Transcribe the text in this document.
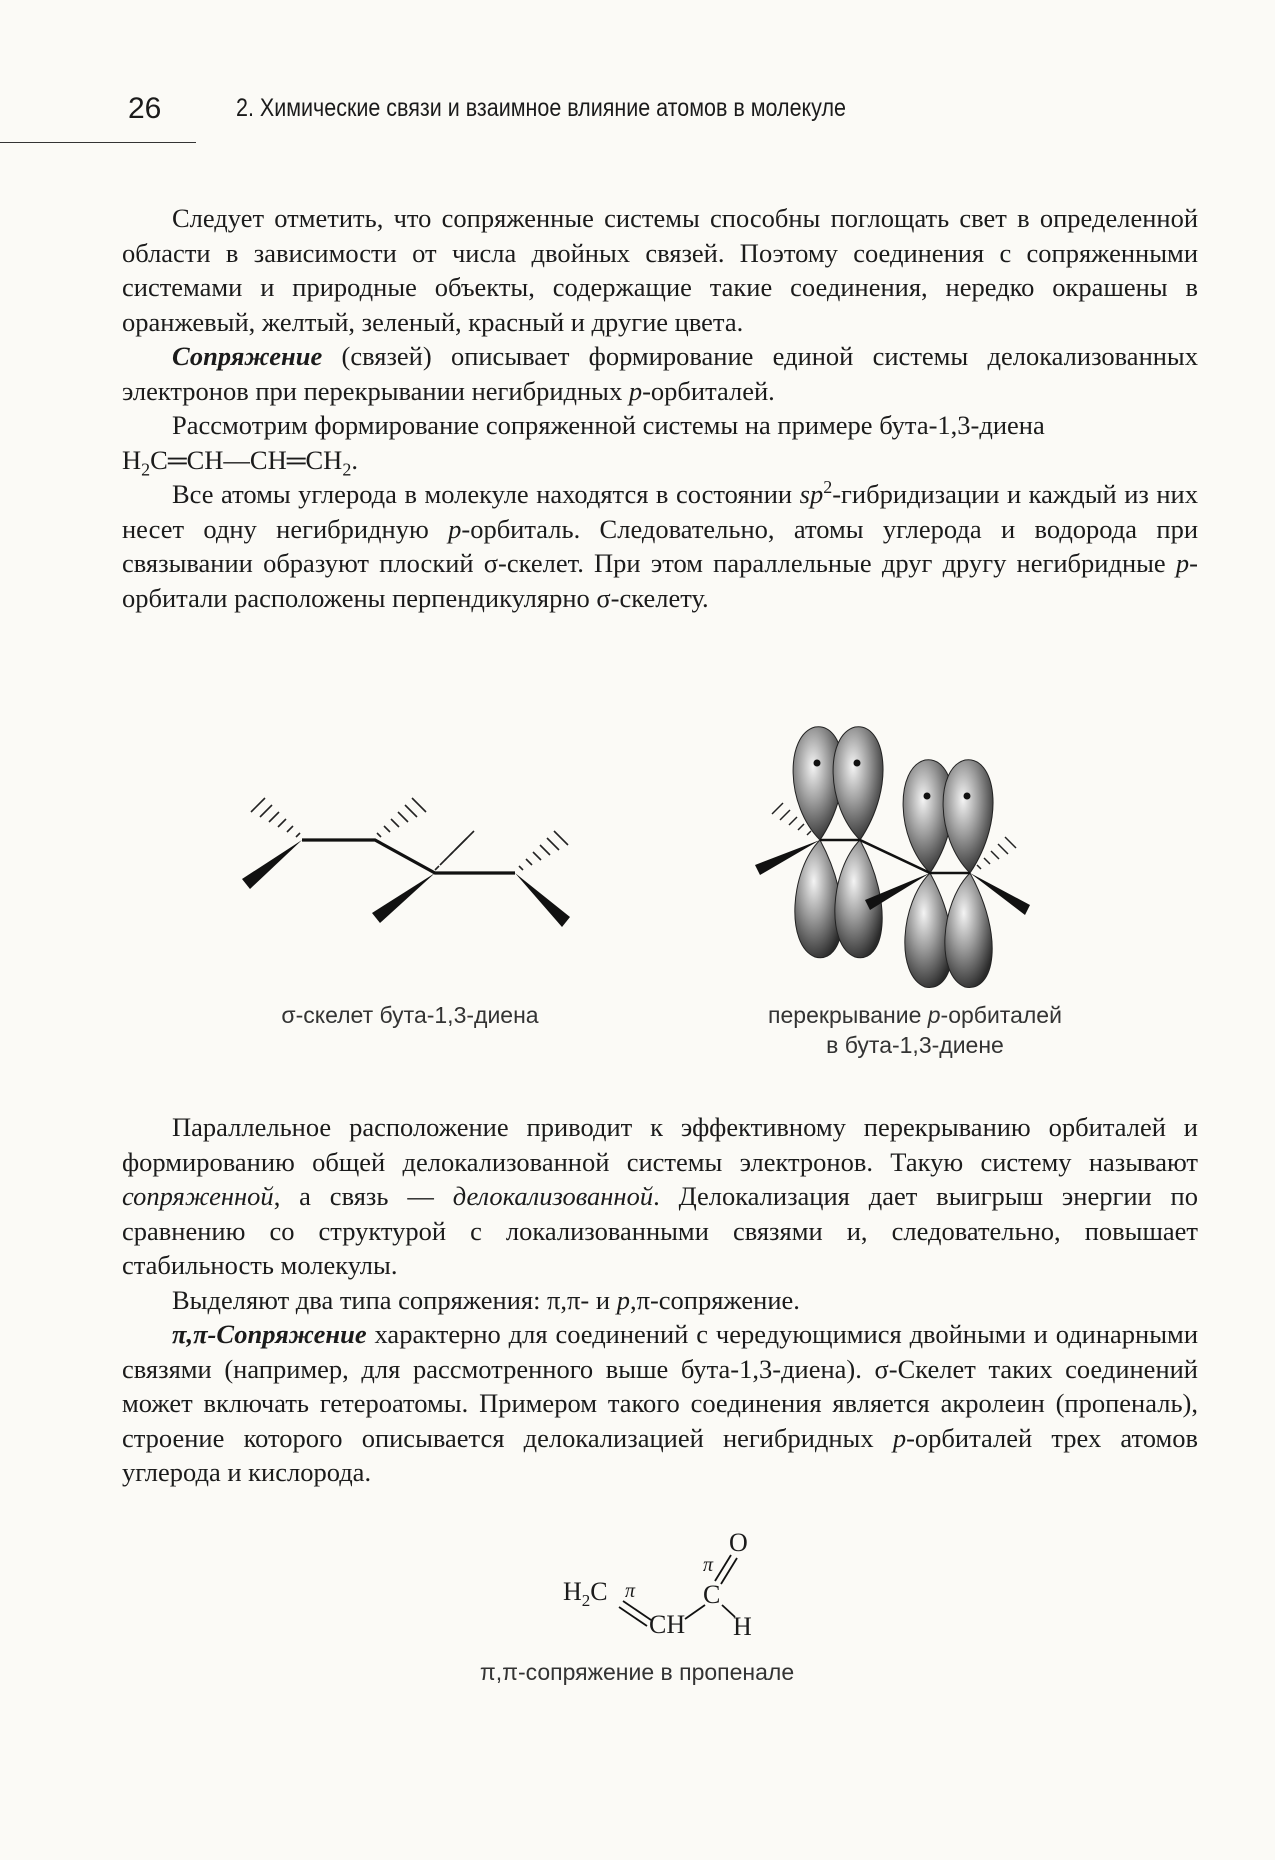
26	2. Химические связи и взаимное влияние атомов в молекуле

Следует отметить, что сопряженные системы способны поглощать свет в определенной области в зависимости от числа двойных связей. Поэтому соединения с сопряженными системами и природные объекты, содержащие такие соединения, нередко окрашены в оранжевый, желтый, зеленый, красный и другие цвета.

Сопряжение (связей) описывает формирование единой системы делокализованных электронов при перекрывании негибридных p-орбиталей.

Рассмотрим формирование сопряженной системы на примере бута-1,3-диена

$H_2C═CH—CH═CH_2$.

Все атомы углерода в молекуле находятся в состоянии $sp^2$-гибридизации и каждый из них несет одну негибридную p-орбиталь. Следовательно, атомы углерода и водорода при связывании образуют плоский σ-скелет. При этом параллельные друг другу негибридные p-орбитали расположены перпендикулярно σ-скелету.

σ-скелет бута-1,3-диена	перекрывание p-орбиталей
в бута-1,3-диене

Параллельное расположение приводит к эффективному перекрыванию орбиталей и формированию общей делокализованной системы электронов. Такую систему называют сопряженной, а связь — делокализованной. Делокализация дает выигрыш энергии по сравнению со структурой с локализованными связями и, следовательно, повышает стабильность молекулы.

Выделяют два типа сопряжения: π,π- и p,π-сопряжение.

π,π-Сопряжение характерно для соединений с чередующимися двойными и одинарными связями (например, для рассмотренного выше бута-1,3-диена). σ-Скелет таких соединений может включать гетероатомы. Примером такого соединения является акролеин (пропеналь), строение которого описывается делокализацией негибридных p-орбиталей трех атомов углерода и кислорода.

$H_2C$ π
CH
C
π
O
H
π,π-сопряжение в пропенале
